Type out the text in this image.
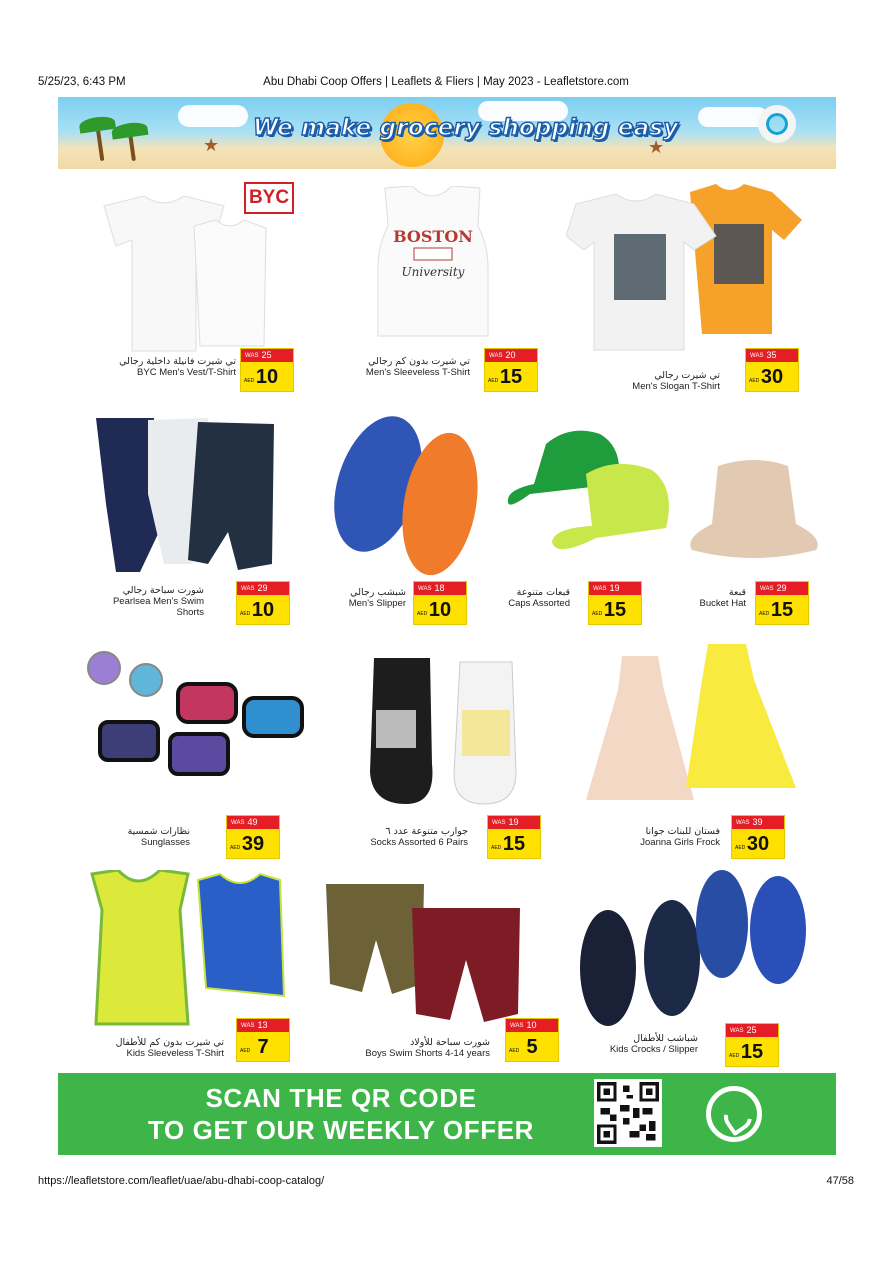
5/25/23, 6:43 PM	Abu Dhabi Coop Offers | Leaflets & Fliers | May 2023 - Leafletstore.com
★	★
We make grocery shopping easy
BYC
تي شيرت فانيلة داخلية رجالي
BYC Men's Vest/T-Shirt
WAS 25
AED 10
BOSTON
University
تي شيرت بدون كم رجالي
Men's Sleeveless T-Shirt
WAS 20
AED 15	تي شيرت رجالي
Men's Slogan T-Shirt
WAS 35
AED 30
شورت سباحة رجالي
Pearlsea Men's Swim
Shorts
WAS 29
AED 10
شبشب رجالي
Men's Slipper
WAS 18
AED 10
قبعات متنوعة
Caps Assorted
WAS 19
AED 15
قبعة
Bucket Hat
WAS 29
AED 15
نظارات شمسية
Sunglasses
WAS 49
AED 39
جوارب متنوعة عدد ٦
Socks Assorted 6 Pairs
WAS 19
AED 15
فستان للبنات جوانا
Joanna Girls Frock
WAS 39
AED 30
تي شيرت بدون كم للأطفال
Kids Sleeveless T-Shirt
WAS 13
AED 7	شورت سباحة للأولاد
Boys Swim Shorts 4-14 years
WAS 10
AED 5	شباشب للأطفال
Kids Crocks / Slipper
WAS 25
AED 15
SCAN THE QR CODE
TO GET OUR WEEKLY OFFER
https://leafletstore.com/leaflet/uae/abu-dhabi-coop-catalog/	47/58
